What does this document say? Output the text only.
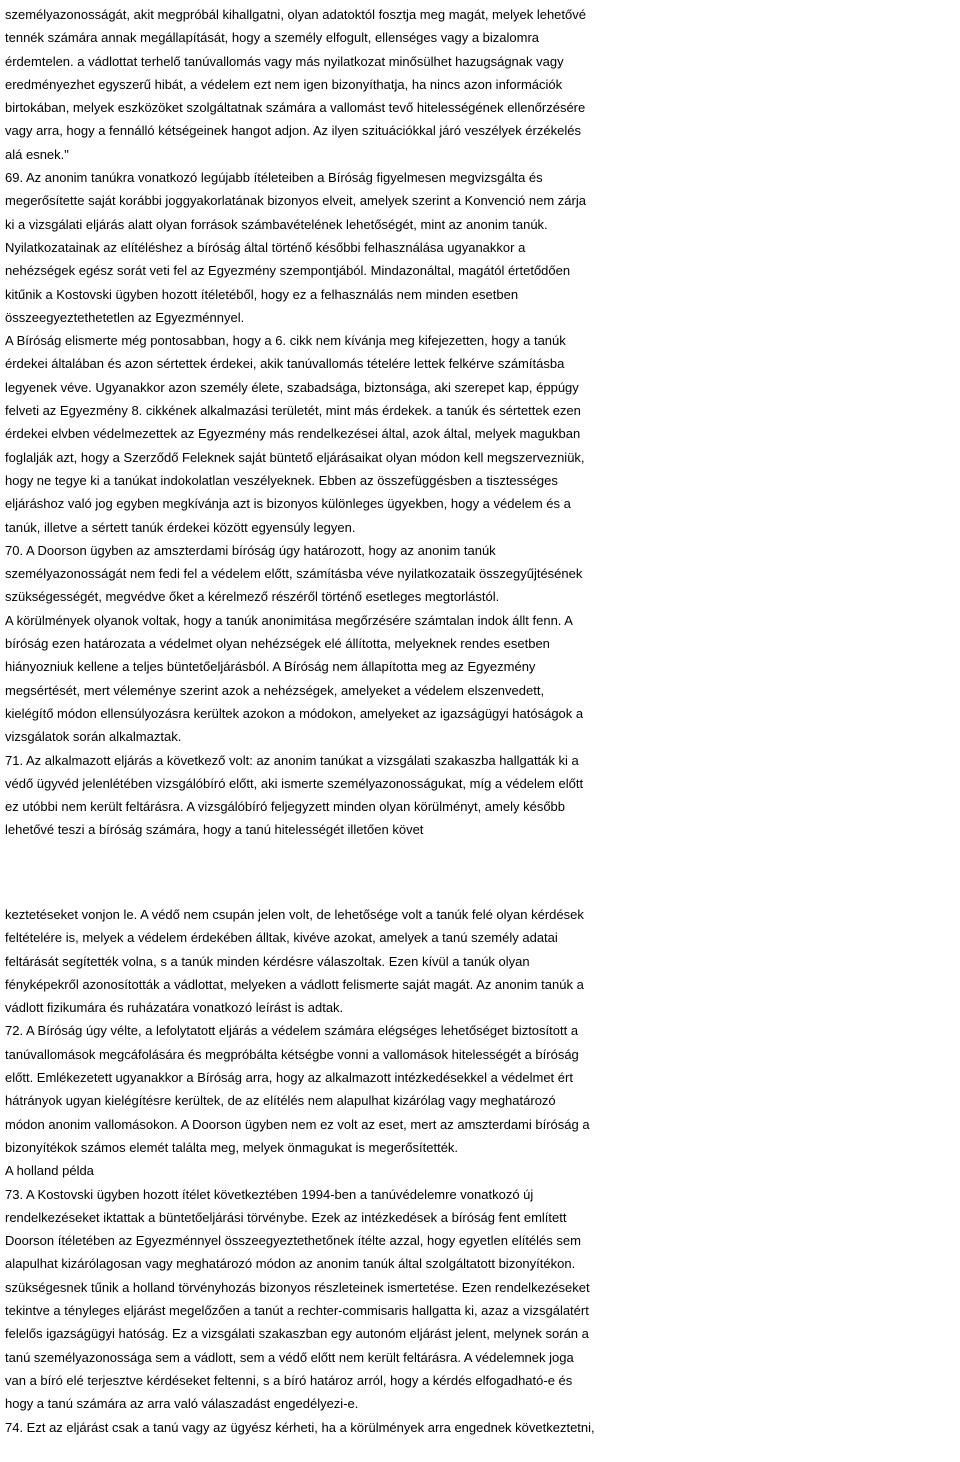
személyazonosságát, akit megpróbál kihallgatni, olyan adatoktól fosztja meg magát, melyek lehetővé
tennék számára annak megállapítását, hogy a személy elfogult, ellenséges vagy a bizalomra
érdemtelen. a vádlottat terhelő tanúvallomás vagy más nyilatkozat minősülhet hazugságnak vagy
eredményezhet egyszerű hibát, a védelem ezt nem igen bizonyíthatja, ha nincs azon információk
birtokában, melyek eszközöket szolgáltatnak számára a vallomást tevő hitelességének ellenőrzésére
vagy arra, hogy a fennálló kétségeinek hangot adjon. Az ilyen szituációkkal járó veszélyek érzékelés
alá esnek."
69. Az anonim tanúkra vonatkozó legújabb ítéleteiben a Bíróság figyelmesen megvizsgálta és
megerősítette saját korábbi joggyakorlatának bizonyos elveit, amelyek szerint a Konvenció nem zárja
ki a vizsgálati eljárás alatt olyan források számbavételének lehetőségét, mint az anonim tanúk.
Nyilatkozatainak az elítéléshez a bíróság által történő későbbi felhasználása ugyanakkor a
nehézségek egész sorát veti fel az Egyezmény szempontjából. Mindazonáltal, magától értetődően
kitűnik a Kostovski ügyben hozott ítéletéből, hogy ez a felhasználás nem minden esetben
összeegyeztethetetlen az Egyezménnyel.
A Bíróság elismerte még pontosabban, hogy a 6. cikk nem kívánja meg kifejezetten, hogy a tanúk
érdekei általában és azon sértettek érdekei, akik tanúvallomás tételére lettek felkérve számításba
legyenek véve. Ugyanakkor azon személy élete, szabadsága, biztonsága, aki szerepet kap, éppúgy
felveti az Egyezmény 8. cikkének alkalmazási területét, mint más érdekek. a tanúk és sértettek ezen
érdekei elvben védelmezettek az Egyezmény más rendelkezései által, azok által, melyek magukban
foglalják azt, hogy a Szerződő Feleknek saját büntető eljárásaikat olyan módon kell megszervezniük,
hogy ne tegye ki a tanúkat indokolatlan veszélyeknek. Ebben az összefüggésben a tisztességes
eljáráshoz való jog egyben megkívánja azt is bizonyos különleges ügyekben, hogy a védelem és a
tanúk, illetve a sértett tanúk érdekei között egyensúly legyen.
70. A Doorson ügyben az amszterdami bíróság úgy határozott, hogy az anonim tanúk
személyazonosságát nem fedi fel a védelem előtt, számításba véve nyilatkozataik összegyűjtésének
szükségességét, megvédve őket a kérelmező részéről történő esetleges megtorlástól.
A körülmények olyanok voltak, hogy a tanúk anonimitása megőrzésére számtalan indok állt fenn. A
bíróság ezen határozata a védelmet olyan nehézségek elé állította, melyeknek rendes esetben
hiányozniuk kellene a teljes büntetőeljárásból. A Bíróság nem állapította meg az Egyezmény
megsértését, mert véleménye szerint azok a nehézségek, amelyeket a védelem elszenvedett,
kielégítő módon ellensúlyozásra kerültek azokon a módokon, amelyeket az igazságügyi hatóságok a
vizsgálatok során alkalmaztak.
71. Az alkalmazott eljárás a következő volt: az anonim tanúkat a vizsgálati szakaszba hallgatták ki a
védő ügyvéd jelenlétében vizsgálóbíró előtt, aki ismerte személyazonosságukat, míg a védelem előtt
ez utóbbi nem került feltárásra. A vizsgálóbíró feljegyzett minden olyan körülményt, amely később
lehetővé teszi a bíróság számára, hogy a tanú hitelességét illetően követ
keztetéseket vonjon le. A védő nem csupán jelen volt, de lehetősége volt a tanúk felé olyan kérdések
feltételére is, melyek a védelem érdekében álltak, kivéve azokat, amelyek a tanú személy adatai
feltárását segítették volna, s a tanúk minden kérdésre válaszoltak. Ezen kívül a tanúk olyan
fényképekről azonosították a vádlottat, melyeken a vádlott felismerte saját magát. Az anonim tanúk a
vádlott fizikumára és ruházatára vonatkozó leírást is adtak.
72. A Bíróság úgy vélte, a lefolytatott eljárás a védelem számára elégséges lehetőséget biztosított a
tanúvallomások megcáfolására és megpróbálta kétségbe vonni a vallomások hitelességét a bíróság
előtt. Emlékezetett ugyanakkor a Bíróság arra, hogy az alkalmazott intézkedésekkel a védelmet ért
hátrányok ugyan kielégítésre kerültek, de az elítélés nem alapulhat kizárólag vagy meghatározó
módon anonim vallomásokon. A Doorson ügyben nem ez volt az eset, mert az amszterdami bíróság a
bizonyítékok számos elemét találta meg, melyek önmagukat is megerősítették.
A holland példa
73. A Kostovski ügyben hozott ítélet következtében 1994-ben a tanúvédelemre vonatkozó új
rendelkezéseket iktattak a büntetőeljárási törvénybe. Ezek az intézkedések a bíróság fent említett
Doorson ítéletében az Egyezménnyel összeegyeztethetőnek ítélte azzal, hogy egyetlen elítélés sem
alapulhat kizárólagosan vagy meghatározó módon az anonim tanúk által szolgáltatott bizonyítékon.
szükségesnek tűnik a holland törvényhozás bizonyos részleteinek ismertetése. Ezen rendelkezéseket
tekintve a tényleges eljárást megelőzően a tanút a rechter-commisaris hallgatta ki, azaz a vizsgálatért
felelős igazságügyi hatóság. Ez a vizsgálati szakaszban egy autonóm eljárást jelent, melynek során a
tanú személyazonossága sem a vádlott, sem a védő előtt nem került feltárásra. A védelemnek joga
van a bíró elé terjesztve kérdéseket feltenni, s a bíró határoz arról, hogy a kérdés elfogadható-e és
hogy a tanú számára az arra való válaszadást engedélyezi-e.
74. Ezt az eljárást csak a tanú vagy az ügyész kérheti, ha a körülmények arra engednek következtetni,
